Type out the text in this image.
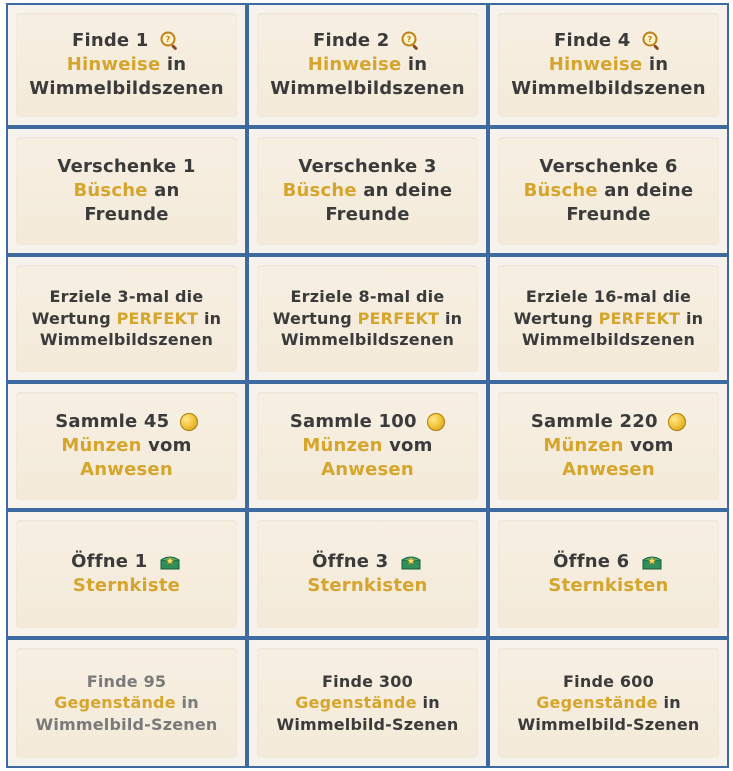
Finde 1 ?
Hinweise in
Wimmelbildszenen
Finde 2 ?
Hinweise in
Wimmelbildszenen
Finde 4 ?
Hinweise in
Wimmelbildszenen
Verschenke 1
Büsche an
Freunde
Verschenke 3
Büsche an deine
Freunde
Verschenke 6
Büsche an deine
Freunde
Erziele 3-mal die
Wertung PERFEKT in
Wimmelbildszenen
Erziele 8-mal die
Wertung PERFEKT in
Wimmelbildszenen
Erziele 16-mal die
Wertung PERFEKT in
Wimmelbildszenen
Sammle 45
Münzen vom
Anwesen
Sammle 100
Münzen vom
Anwesen
Sammle 220
Münzen vom
Anwesen
Öffne 1
Sternkiste
Öffne 3
Sternkisten
Öffne 6
Sternkisten
Finde 95
Gegenstände in
Wimmelbild-Szenen
Finde 300
Gegenstände in
Wimmelbild-Szenen
Finde 600
Gegenstände in
Wimmelbild-Szenen
